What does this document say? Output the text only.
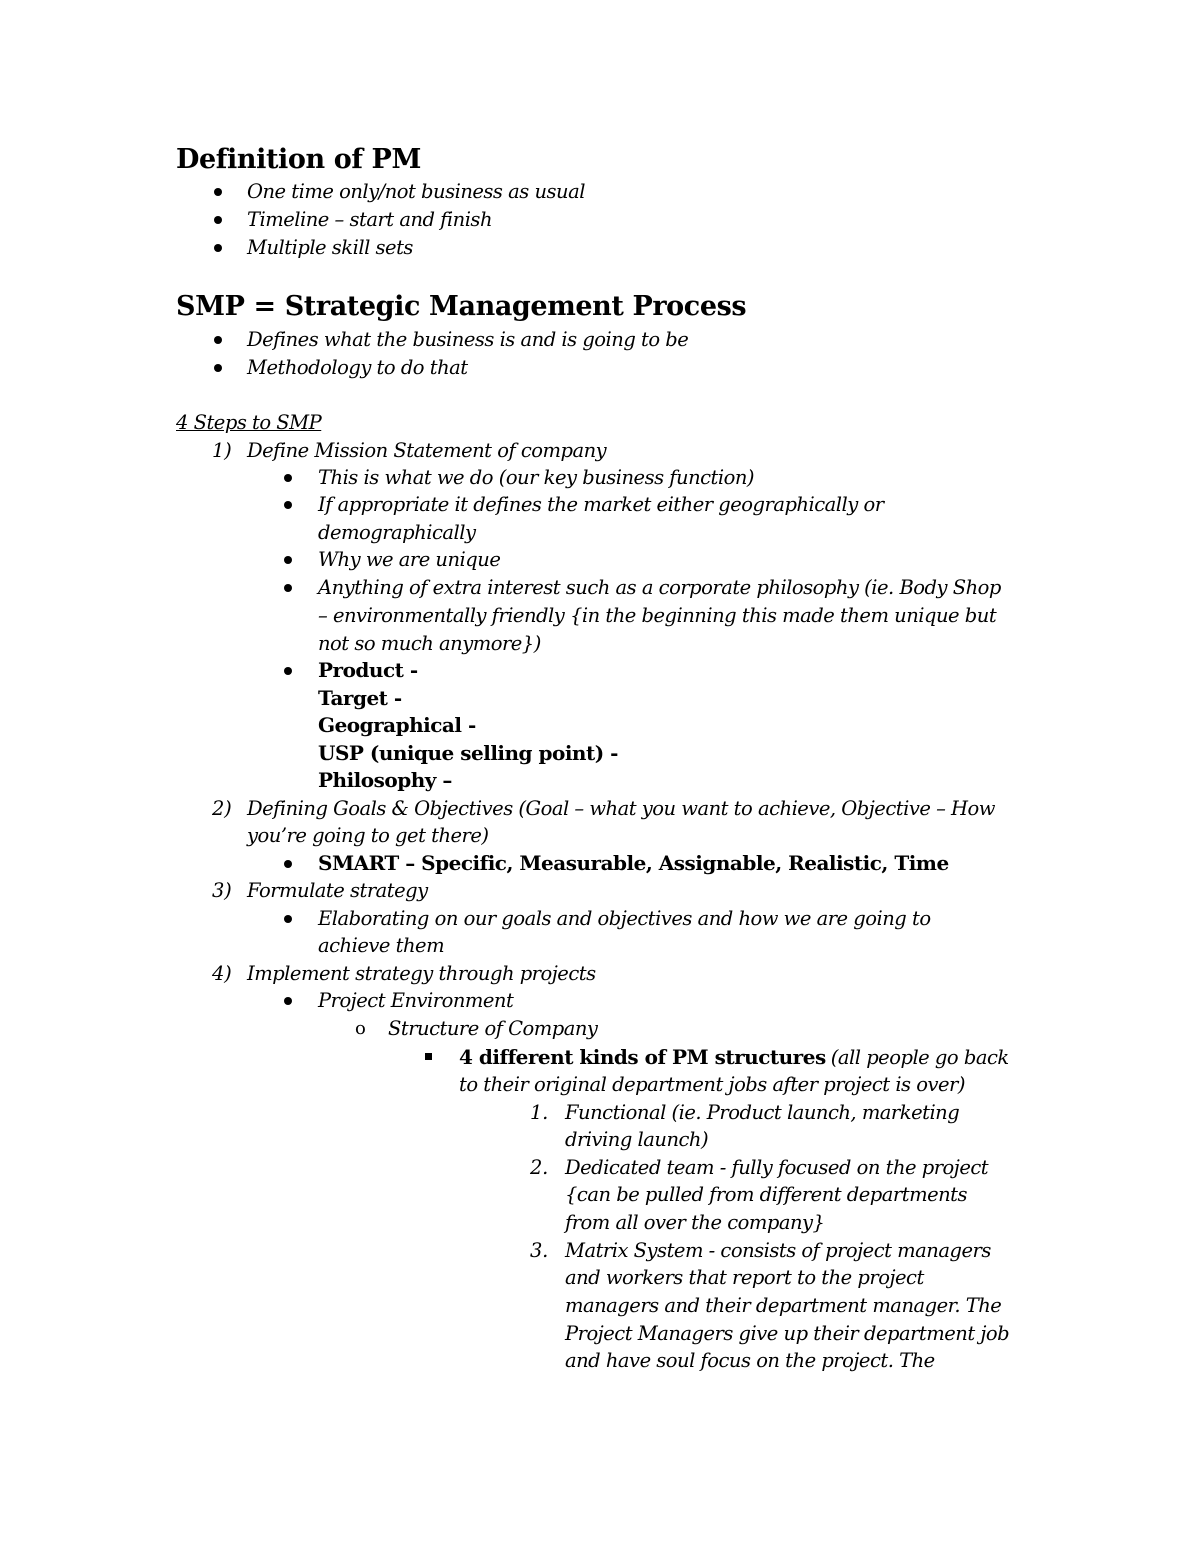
Definition of PM
One time only/not business as usual
Timeline – start and finish
Multiple skill sets
SMP = Strategic Management Process
Defines what the business is and is going to be
Methodology to do that
4 Steps to SMP
1) Define Mission Statement of company
This is what we do (our key business function)
If appropriate it defines the market either geographically or
demographically
Why we are unique
Anything of extra interest such as a corporate philosophy (ie. Body Shop
– environmentally friendly {in the beginning this made them unique but
not so much anymore})
Product -
Target -
Geographical -
USP (unique selling point) -
Philosophy –
2) Defining Goals & Objectives (Goal – what you want to achieve, Objective – How
you’re going to get there)
SMART – Specific, Measurable, Assignable, Realistic, Time
3) Formulate strategy
Elaborating on our goals and objectives and how we are going to
achieve them
4) Implement strategy through projects
Project Environment
o Structure of Company
4 different kinds of PM structures (all people go back
to their original department jobs after project is over)
1. Functional (ie. Product launch, marketing
driving launch)
2. Dedicated team - fully focused on the project
{can be pulled from different departments
from all over the company}
3. Matrix System - consists of project managers
and workers that report to the project
managers and their department manager. The
Project Managers give up their department job
and have soul focus on the project. The
